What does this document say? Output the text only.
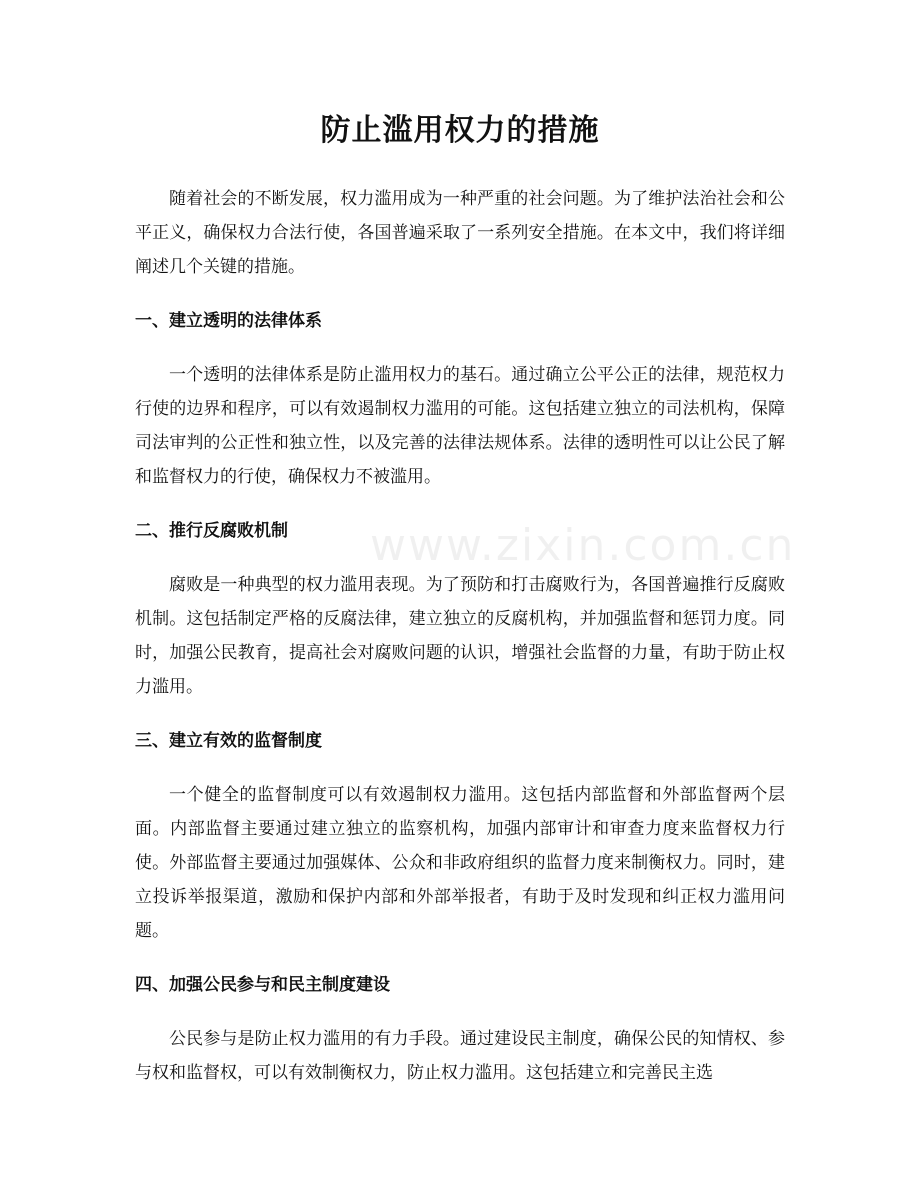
防止滥用权力的措施
www.zixin.com.cn

随着社会的不断发展，权力滥用成为一种严重的社会问题。为了维护法治社会和公平正义，确保权力合法行使，各国普遍采取了一系列安全措施。在本文中，我们将详细阐述几个关键的措施。

一、建立透明的法律体系

一个透明的法律体系是防止滥用权力的基石。通过确立公平公正的法律，规范权力行使的边界和程序，可以有效遏制权力滥用的可能。这包括建立独立的司法机构，保障司法审判的公正性和独立性，以及完善的法律法规体系。法律的透明性可以让公民了解和监督权力的行使，确保权力不被滥用。

二、推行反腐败机制

腐败是一种典型的权力滥用表现。为了预防和打击腐败行为，各国普遍推行反腐败机制。这包括制定严格的反腐法律，建立独立的反腐机构，并加强监督和惩罚力度。同时，加强公民教育，提高社会对腐败问题的认识，增强社会监督的力量，有助于防止权力滥用。

三、建立有效的监督制度

一个健全的监督制度可以有效遏制权力滥用。这包括内部监督和外部监督两个层面。内部监督主要通过建立独立的监察机构，加强内部审计和审查力度来监督权力行使。外部监督主要通过加强媒体、公众和非政府组织的监督力度来制衡权力。同时，建立投诉举报渠道，激励和保护内部和外部举报者，有助于及时发现和纠正权力滥用问题。

四、加强公民参与和民主制度建设

公民参与是防止权力滥用的有力手段。通过建设民主制度，确保公民的知情权、参与权和监督权，可以有效制衡权力，防止权力滥用。这包括建立和完善民主选
